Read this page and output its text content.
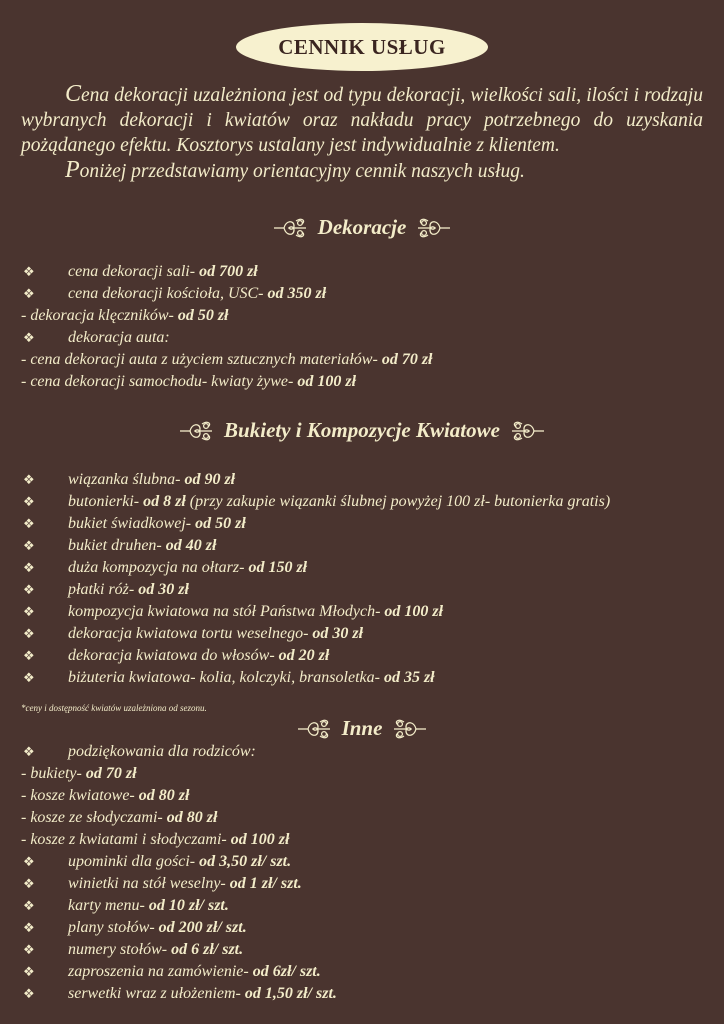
CENNIK USŁUG

Cena dekoracji uzależniona jest od typu dekoracji, wielkości sali, ilości i rodzaju wybranych dekoracji i kwiatów oraz nakładu pracy potrzebnego do uzyskania pożądanego efektu. Kosztorys ustalany jest indywidualnie z klientem.

Poniżej przedstawiamy orientacyjny cennik naszych usług.

Dekoracje
❖ cena dekoracji sali- od 700 zł
❖ cena dekoracji kościoła, USC- od 350 zł
- dekoracja klęczników- od 50 zł
❖ dekoracja auta:
- cena dekoracji auta z użyciem sztucznych materiałów- od 70 zł
- cena dekoracji samochodu- kwiaty żywe- od 100 zł
Bukiety i Kompozycje Kwiatowe
❖ wiązanka ślubna- od 90 zł
❖ butonierki- od 8 zł (przy zakupie wiązanki ślubnej powyżej 100 zł- butonierka gratis)
❖ bukiet świadkowej- od 50 zł
❖ bukiet druhen- od 40 zł
❖ duża kompozycja na ołtarz- od 150 zł
❖ płatki róż- od 30 zł
❖ kompozycja kwiatowa na stół Państwa Młodych- od 100 zł
❖ dekoracja kwiatowa tortu weselnego- od 30 zł
❖ dekoracja kwiatowa do włosów- od 20 zł
❖ biżuteria kwiatowa- kolia, kolczyki, bransoletka- od 35 zł
*ceny i dostępność kwiatów uzależniona od sezonu.
Inne
❖ podziękowania dla rodziców:
- bukiety- od 70 zł
- kosze kwiatowe- od 80 zł
- kosze ze słodyczami- od 80 zł
- kosze z kwiatami i słodyczami- od 100 zł
❖ upominki dla gości- od 3,50 zł/ szt.
❖ winietki na stół weselny- od 1 zł/ szt.
❖ karty menu- od 10 zł/ szt.
❖ plany stołów- od 200 zł/ szt.
❖ numery stołów- od 6 zł/ szt.
❖ zaproszenia na zamówienie- od 6zł/ szt.
❖ serwetki wraz z ułożeniem- od 1,50 zł/ szt.
